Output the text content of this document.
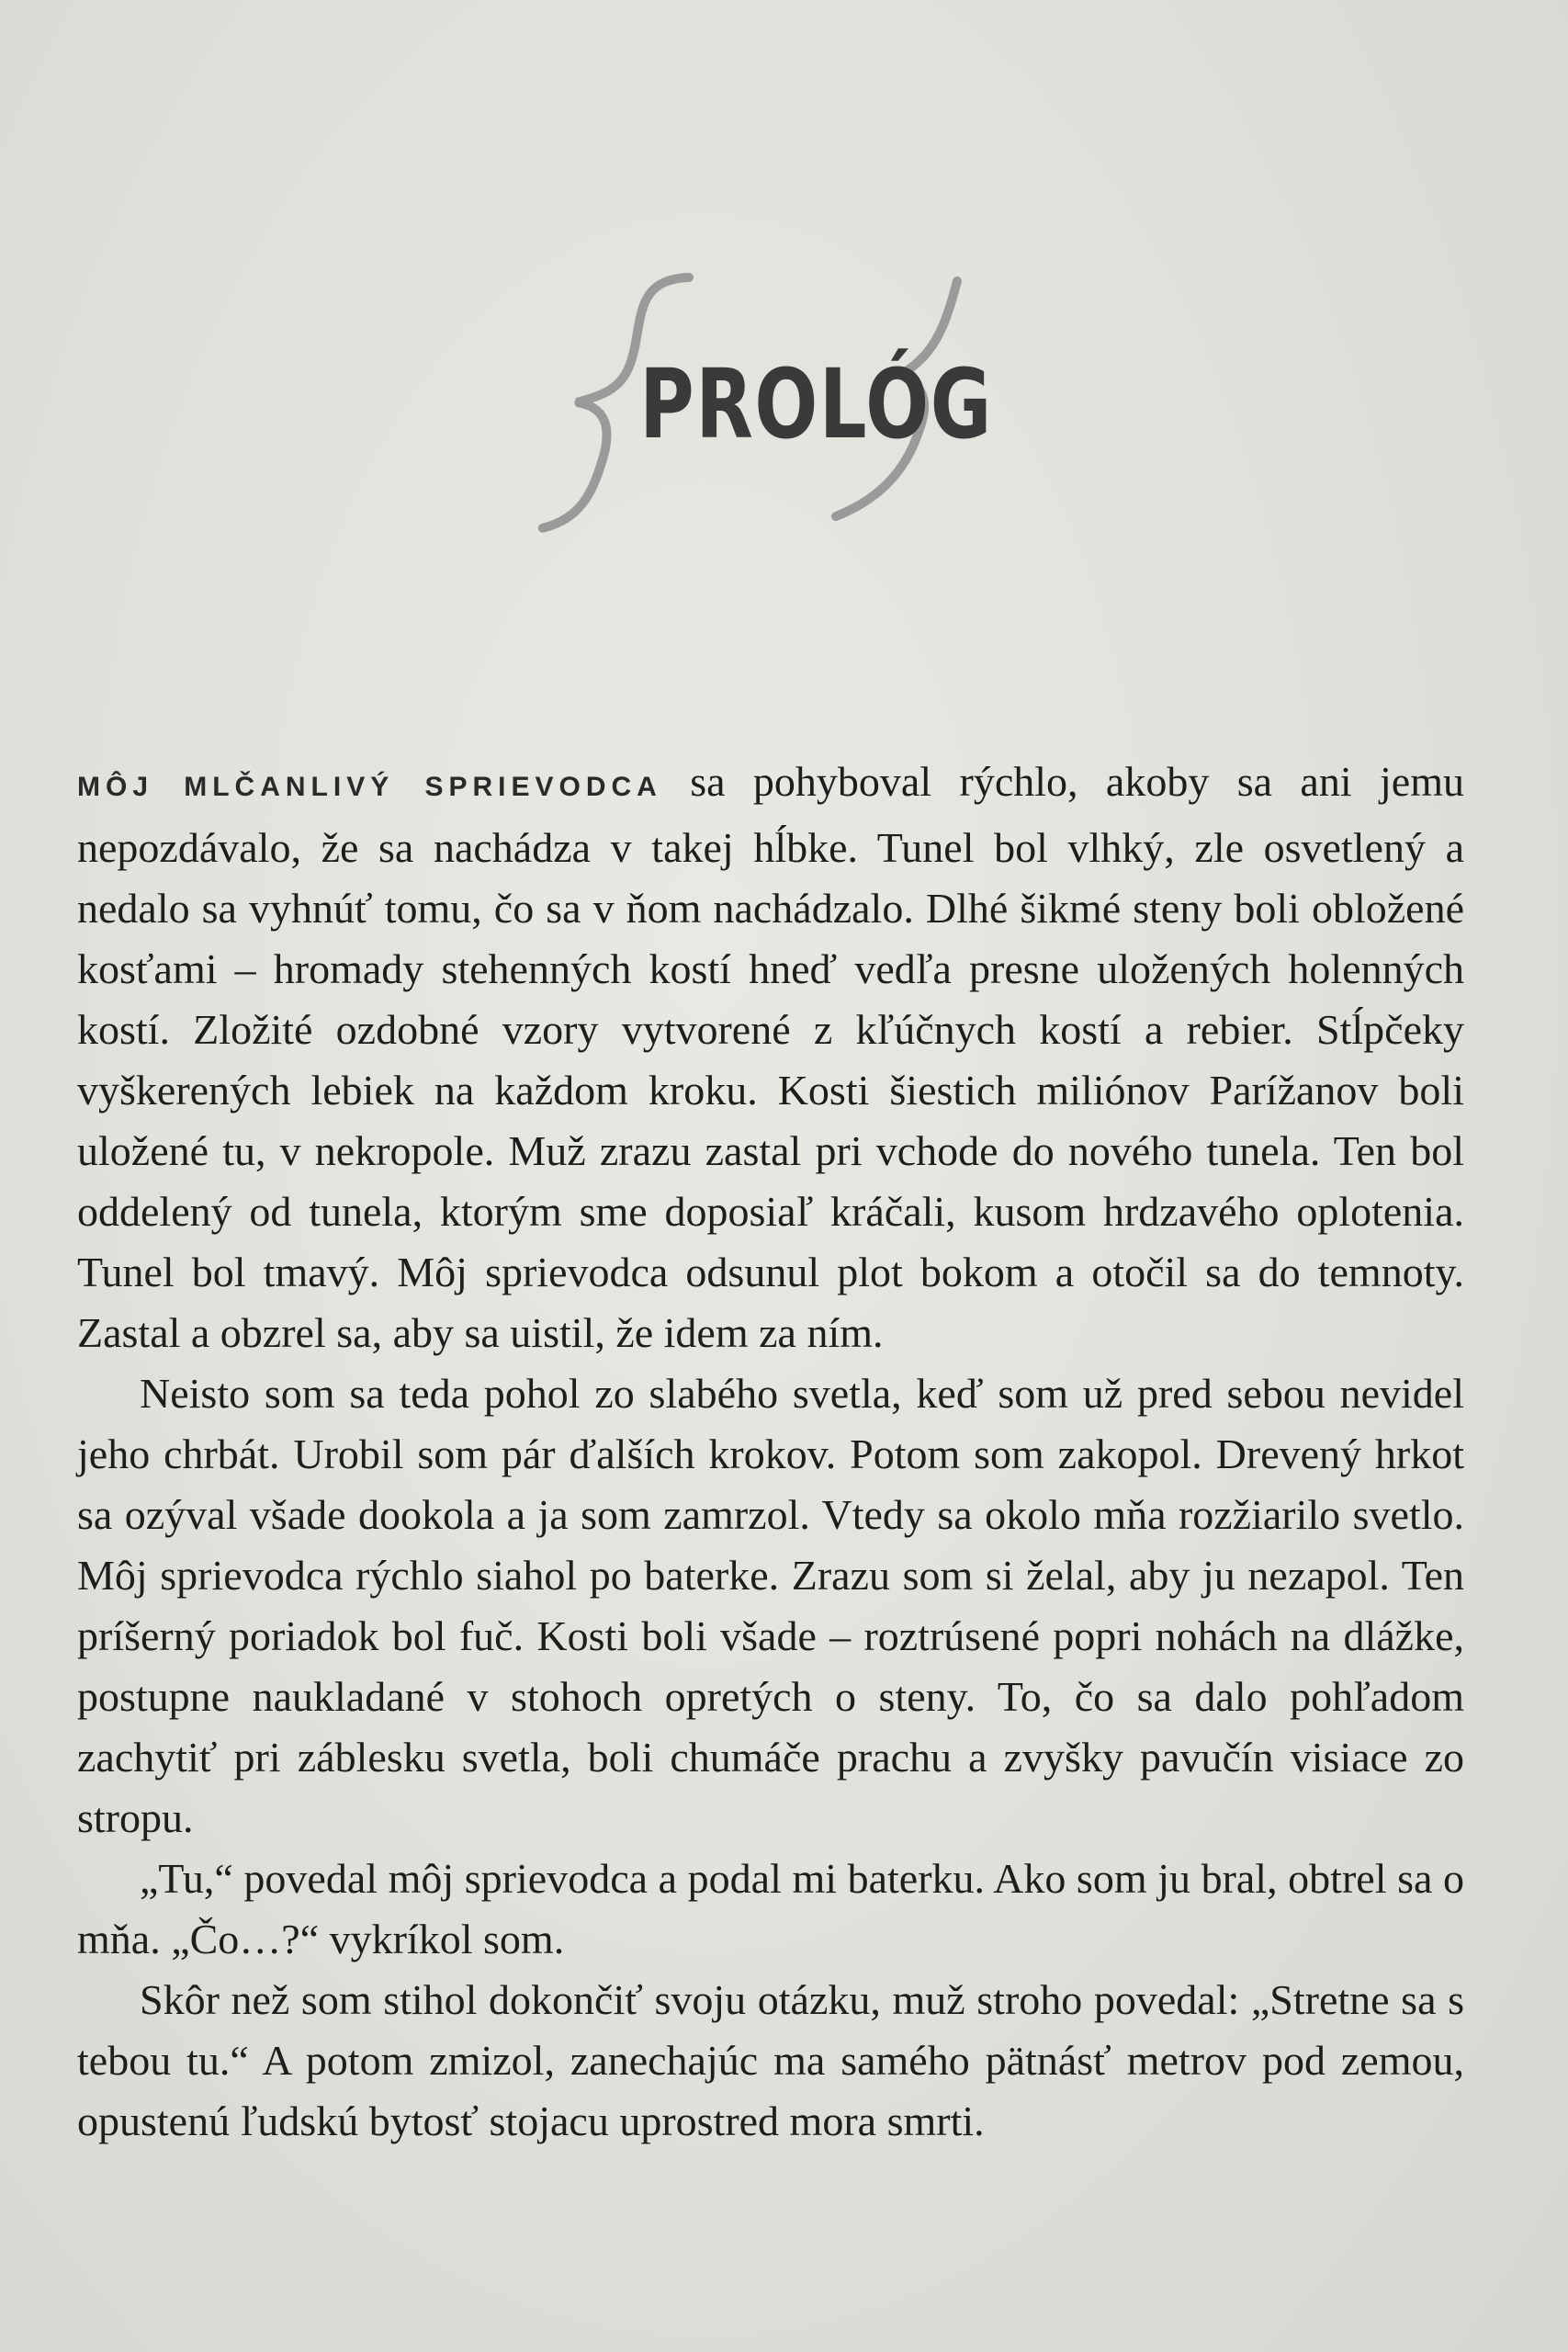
PROLÓG

MÔJ MLČANLIVÝ SPRIEVODCA sa pohyboval rýchlo, akoby sa ani jemu nepozdávalo, že sa nachádza v takej hĺbke. Tunel bol vlhký, zle osvetlený a nedalo sa vyhnúť tomu, čo sa v ňom nachádzalo. Dlhé šikmé steny boli obložené kosťami – hromady stehenných kostí hneď vedľa presne uložených holenných kostí. Zložité ozdobné vzory vytvorené z kľúčnych kostí a rebier. Stĺpčeky vyškerených lebiek na každom kroku. Kosti šiestich miliónov Parížanov boli uložené tu, v nekropole. Muž zrazu zastal pri vchode do nového tunela. Ten bol oddelený od tunela, ktorým sme doposiaľ kráčali, kusom hrdzavého oplotenia. Tunel bol tmavý. Môj sprievodca odsunul plot bokom a otočil sa do temnoty. Zastal a obzrel sa, aby sa uistil, že idem za ním.

Neisto som sa teda pohol zo slabého svetla, keď som už pred sebou nevidel jeho chrbát. Urobil som pár ďalších krokov. Potom som zakopol. Drevený hrkot sa ozýval všade dookola a ja som zamrzol. Vtedy sa okolo mňa rozžiarilo svetlo. Môj sprievodca rýchlo siahol po baterke. Zrazu som si želal, aby ju nezapol. Ten príšerný poriadok bol fuč. Kosti boli všade – roztrúsené popri nohách na dlážke, postupne naukladané v stohoch opretých o steny. To, čo sa dalo pohľadom zachytiť pri záblesku svetla, boli chumáče prachu a zvyšky pavučín visiace zo stropu.

„Tu,“ povedal môj sprievodca a podal mi baterku. Ako som ju bral, obtrel sa o mňa. „Čo…?“ vykríkol som.

Skôr než som stihol dokončiť svoju otázku, muž stroho povedal: „Stretne sa s tebou tu.“ A potom zmizol, zanechajúc ma samého pätnásť metrov pod zemou, opustenú ľudskú bytosť stojacu uprostred mora smrti.
